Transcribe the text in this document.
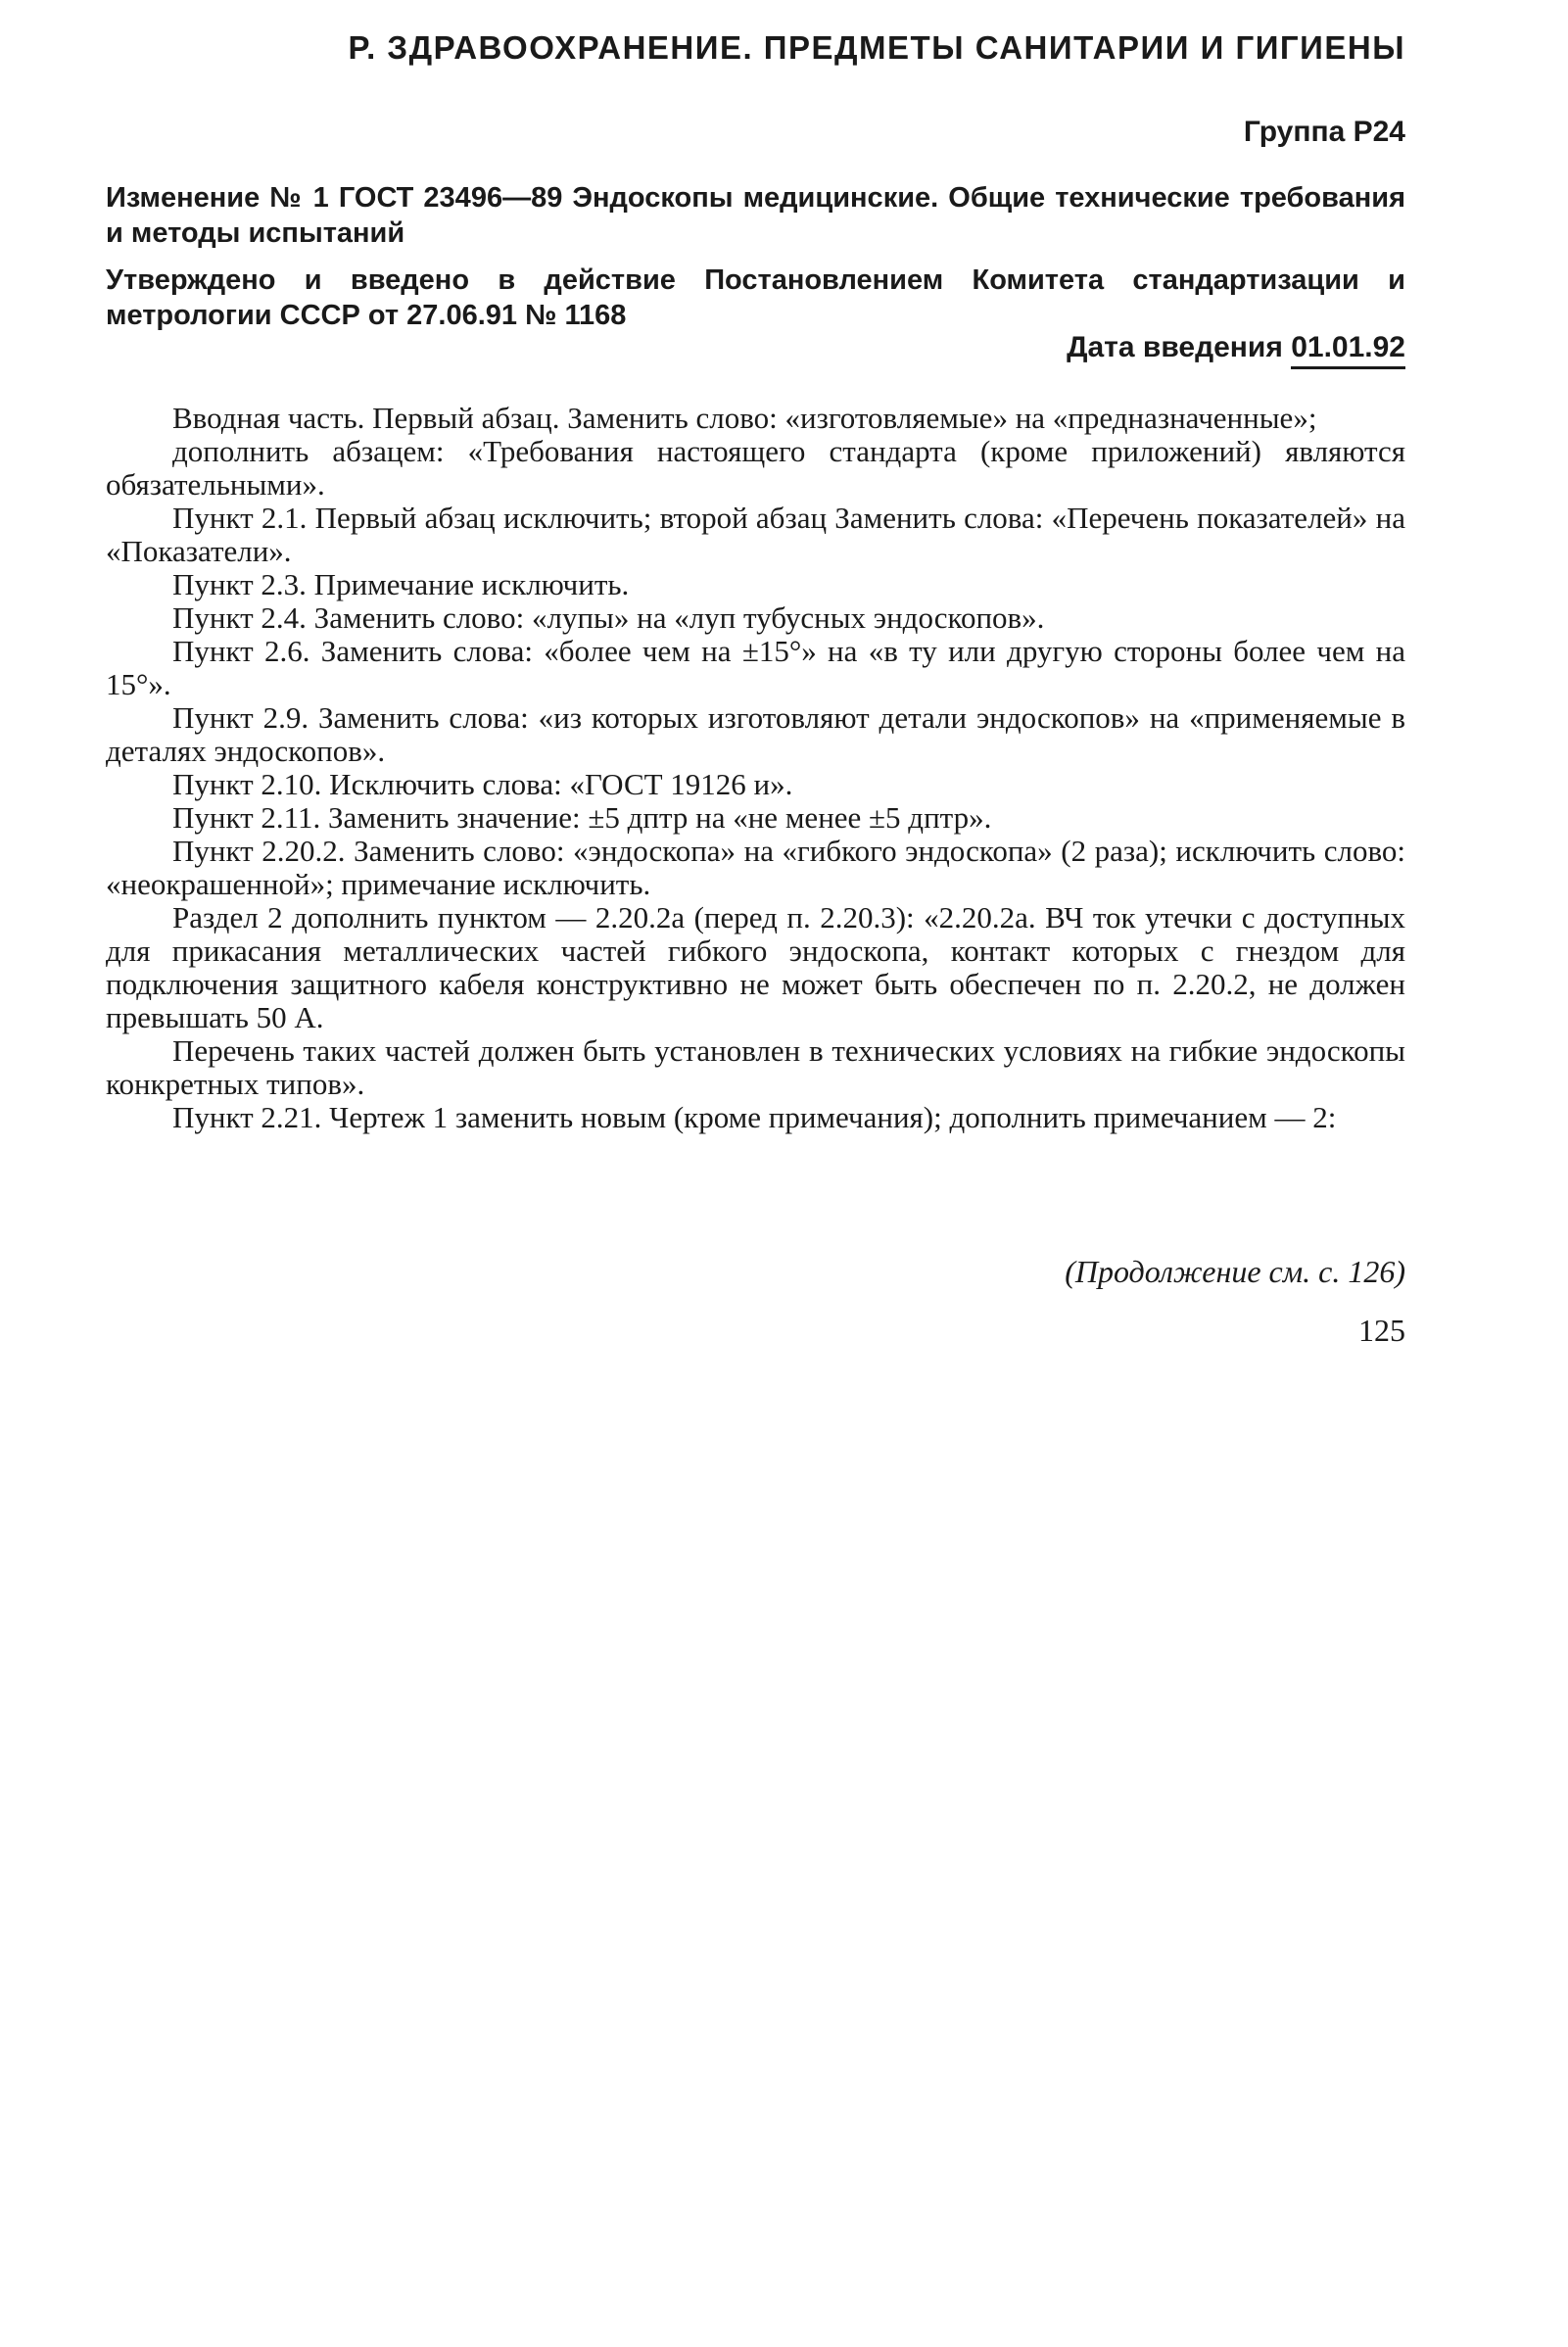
Р. ЗДРАВООХРАНЕНИЕ. ПРЕДМЕТЫ САНИТАРИИ И ГИГИЕНЫ
Группа Р24
Изменение № 1 ГОСТ 23496—89 Эндоскопы медицинские. Общие технические требования и методы испытаний
Утверждено и введено в действие Постановлением Комитета стандартизации и метрологии СССР от 27.06.91 № 1168
Дата введения 01.01.92

Вводная часть. Первый абзац. Заменить слово: «изготовляемые» на «предназначенные»;

дополнить абзацем: «Требования настоящего стандарта (кроме приложений) являются обязательными».

Пункт 2.1. Первый абзац исключить; второй абзац Заменить слова: «Перечень показателей» на «Показатели».

Пункт 2.3. Примечание исключить.

Пункт 2.4. Заменить слово: «лупы» на «луп тубусных эндоскопов».

Пункт 2.6. Заменить слова: «более чем на ±15°» на «в ту или другую стороны более чем на 15°».

Пункт 2.9. Заменить слова: «из которых изготовляют детали эндоскопов» на «применяемые в деталях эндоскопов».

Пункт 2.10. Исключить слова: «ГОСТ 19126 и».

Пункт 2.11. Заменить значение: ±5 дптр на «не менее ±5 дптр».

Пункт 2.20.2. Заменить слово: «эндоскопа» на «гибкого эндоскопа» (2 раза); исключить слово: «неокрашенной»; примечание исключить.

Раздел 2 дополнить пунктом — 2.20.2а (перед п. 2.20.3): «2.20.2а. ВЧ ток утечки с доступных для прикасания металлических частей гибкого эндоскопа, контакт которых с гнездом для подключения защитного кабеля конструктивно не может быть обеспечен по п. 2.20.2, не должен превышать 50 А.

Перечень таких частей должен быть установлен в технических условиях на гибкие эндоскопы конкретных типов».

Пункт 2.21. Чертеж 1 заменить новым (кроме примечания); дополнить примечанием — 2:

(Продолжение см. с. 126)
125
